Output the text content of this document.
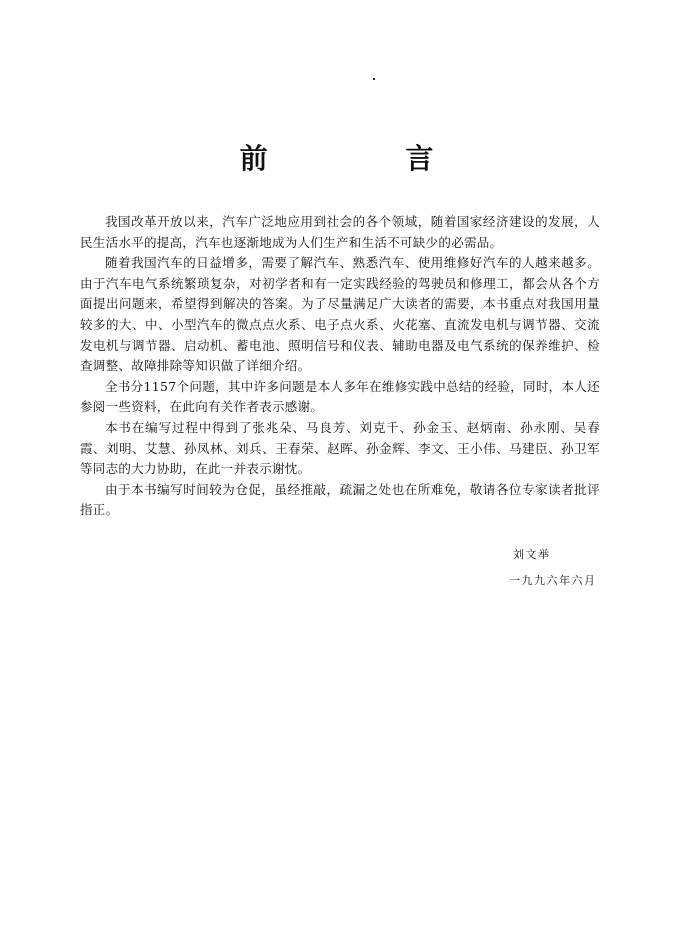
前 言

我国改革开放以来，汽车广泛地应用到社会的各个领域，随着国家经济建设的发展，人民生活水平的提高，汽车也逐渐地成为人们生产和生活不可缺少的必需品。

随着我国汽车的日益增多，需要了解汽车、熟悉汽车、使用维修好汽车的人越来越多。由于汽车电气系统繁琐复杂，对初学者和有一定实践经验的驾驶员和修理工，都会从各个方面提出问题来，希望得到解决的答案。为了尽量满足广大读者的需要，本书重点对我国用量较多的大、中、小型汽车的微点点火系、电子点火系、火花塞、直流发电机与调节器、交流发电机与调节器、启动机、蓄电池、照明信号和仪表、辅助电器及电气系统的保养维护、检查调整、故障排除等知识做了详细介绍。

全书分1157个问题，其中许多问题是本人多年在维修实践中总结的经验，同时，本人还参阅一些资料，在此向有关作者表示感谢。

本书在编写过程中得到了张兆朵、马良芳、刘克千、孙金玉、赵炳南、孙永刚、吴春霞、刘明、艾慧、孙凤林、刘兵、王春荣、赵晖、孙金辉、李文、王小伟、马建臣、孙卫军等同志的大力协助，在此一并表示谢忱。

由于本书编写时间较为仓促，虽经推敲，疏漏之处也在所难免，敬请各位专家读者批评指正。

刘文举
一九九六年六月
